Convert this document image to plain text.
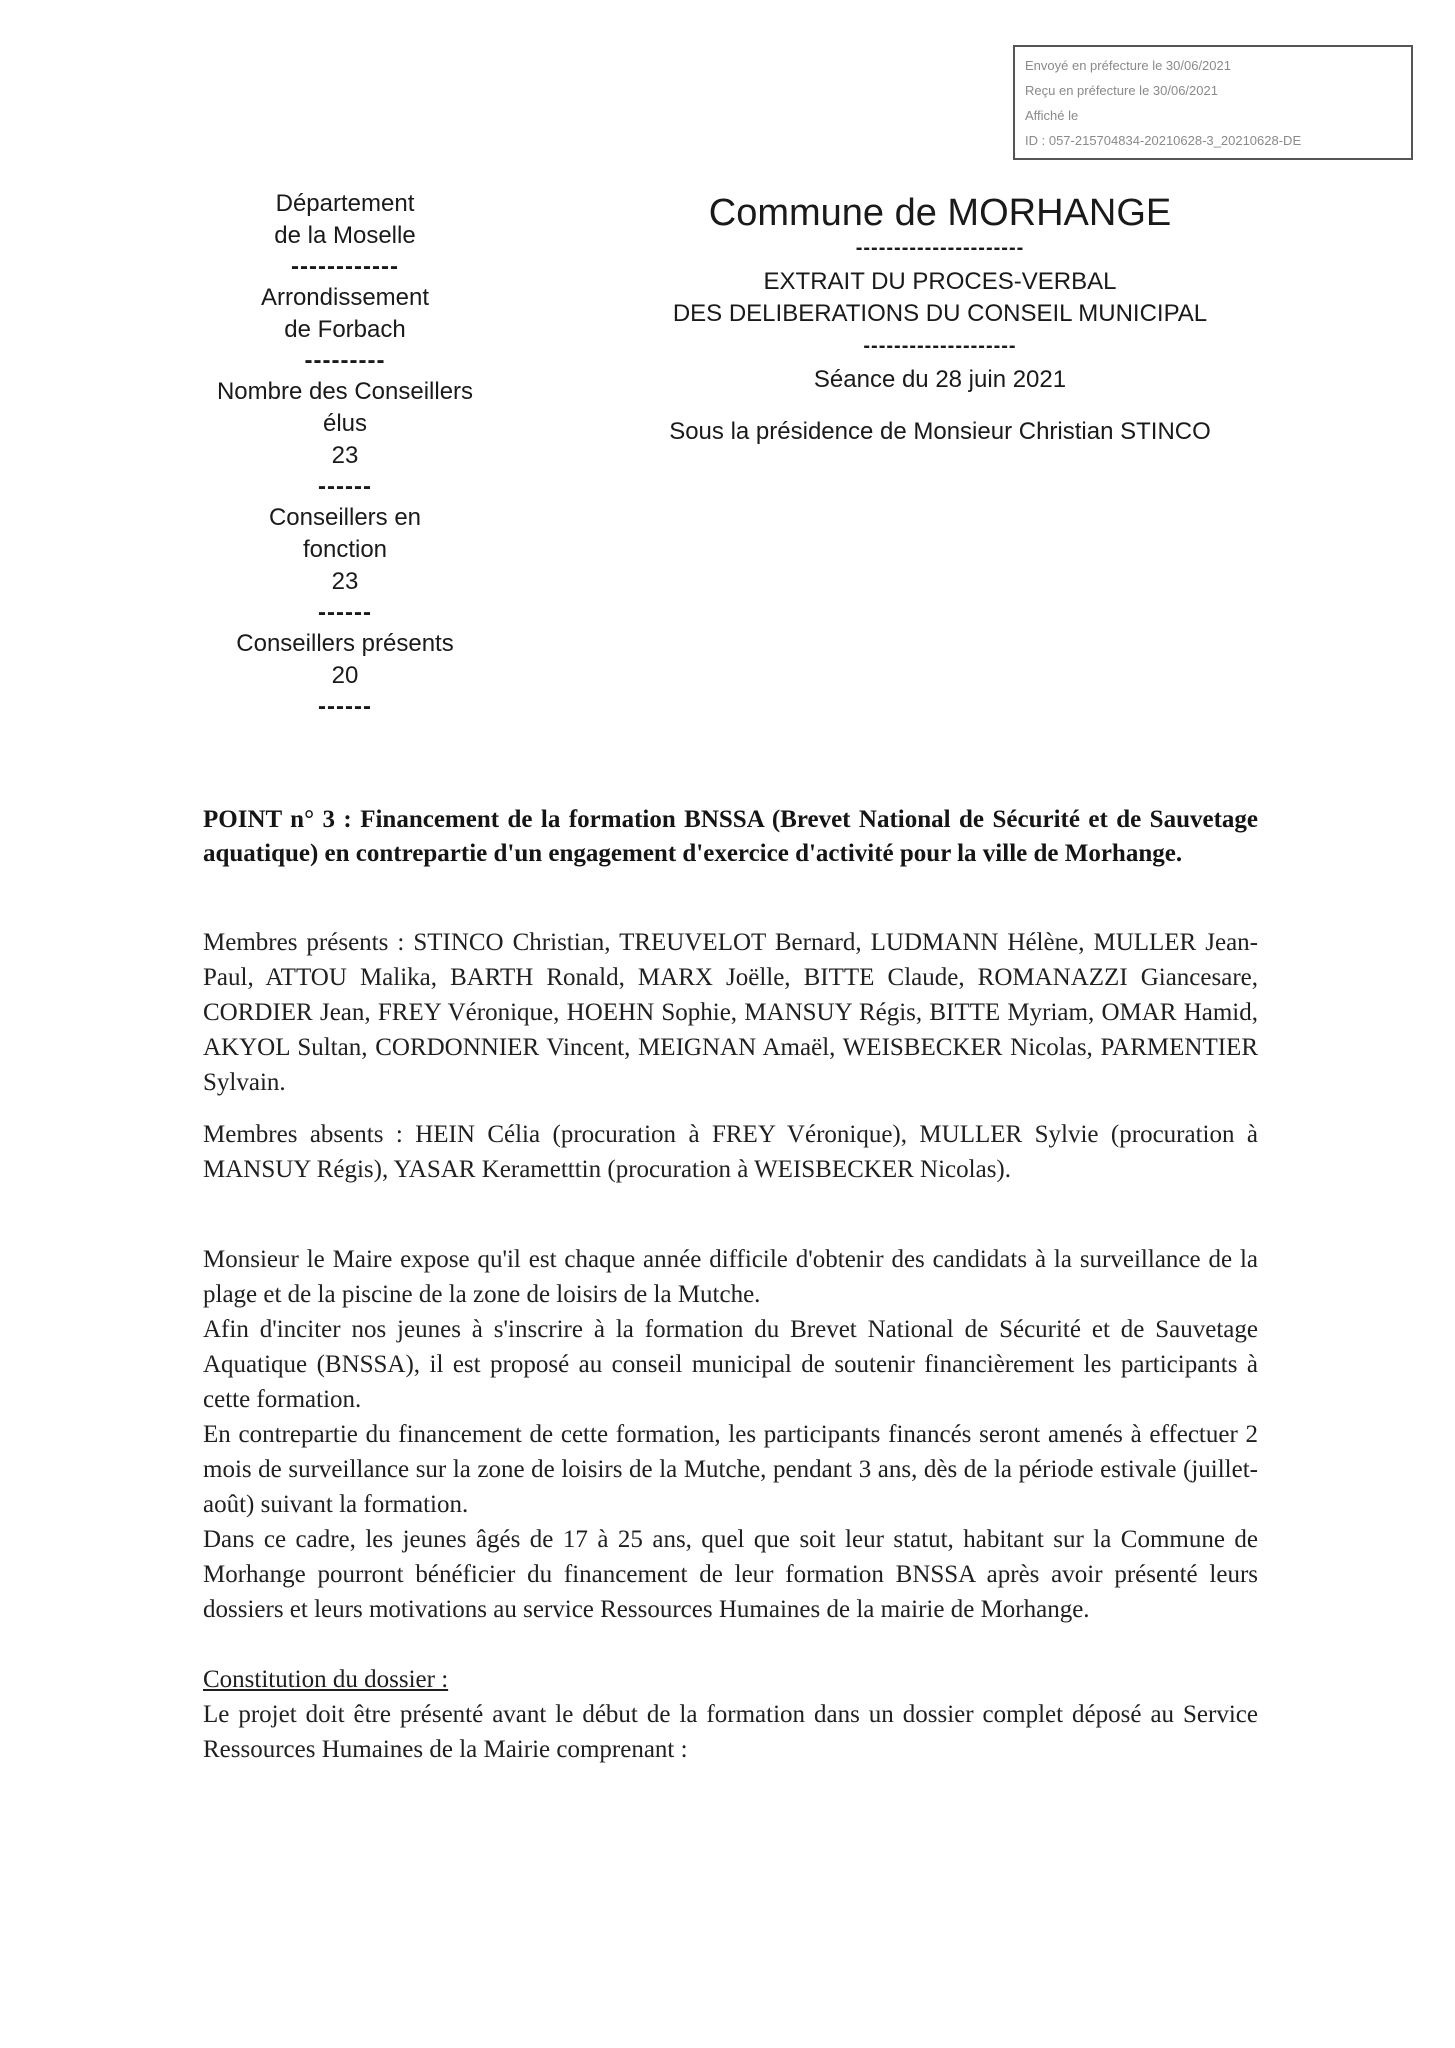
Envoyé en préfecture le 30/06/2021
Reçu en préfecture le 30/06/2021
Affiché le
ID : 057-215704834-20210628-3_20210628-DE
Département
de la Moselle
------------
Arrondissement
de Forbach
---------
Nombre des Conseillers
élus
23
------
Conseillers en
fonction
23
------
Conseillers présents
20
------
Commune de MORHANGE
----------------------
EXTRAIT DU PROCES-VERBAL
DES DELIBERATIONS DU CONSEIL MUNICIPAL
--------------------
Séance du 28 juin 2021
Sous la présidence de Monsieur Christian STINCO
POINT n° 3 : Financement de la formation BNSSA (Brevet National de Sécurité et de Sauvetage aquatique) en contrepartie d'un engagement d'exercice d'activité pour la ville de Morhange.
Membres présents : STINCO Christian, TREUVELOT Bernard, LUDMANN Hélène, MULLER Jean-Paul, ATTOU Malika, BARTH Ronald, MARX Joëlle, BITTE Claude, ROMANAZZI Giancesare, CORDIER Jean, FREY Véronique, HOEHN Sophie, MANSUY Régis, BITTE Myriam, OMAR Hamid, AKYOL Sultan, CORDONNIER Vincent, MEIGNAN Amaël, WEISBECKER Nicolas, PARMENTIER Sylvain.
Membres absents : HEIN Célia (procuration à FREY Véronique), MULLER Sylvie (procuration à MANSUY Régis), YASAR Kerametttin (procuration à WEISBECKER Nicolas).
Monsieur le Maire expose qu'il est chaque année difficile d'obtenir des candidats à la surveillance de la plage et de la piscine de la zone de loisirs de la Mutche.
Afin d'inciter nos jeunes à s'inscrire à la formation du Brevet National de Sécurité et de Sauvetage Aquatique (BNSSA), il est proposé au conseil municipal de soutenir financièrement les participants à cette formation.
En contrepartie du financement de cette formation, les participants financés seront amenés à effectuer 2 mois de surveillance sur la zone de loisirs de la Mutche, pendant 3 ans, dès de la période estivale (juillet-août) suivant la formation.
Dans ce cadre, les jeunes âgés de 17 à 25 ans, quel que soit leur statut, habitant sur la Commune de Morhange pourront bénéficier du financement de leur formation BNSSA après avoir présenté leurs dossiers et leurs motivations au service Ressources Humaines de la mairie de Morhange.
Constitution du dossier :
Le projet doit être présenté avant le début de la formation dans un dossier complet déposé au Service Ressources Humaines de la Mairie comprenant :
